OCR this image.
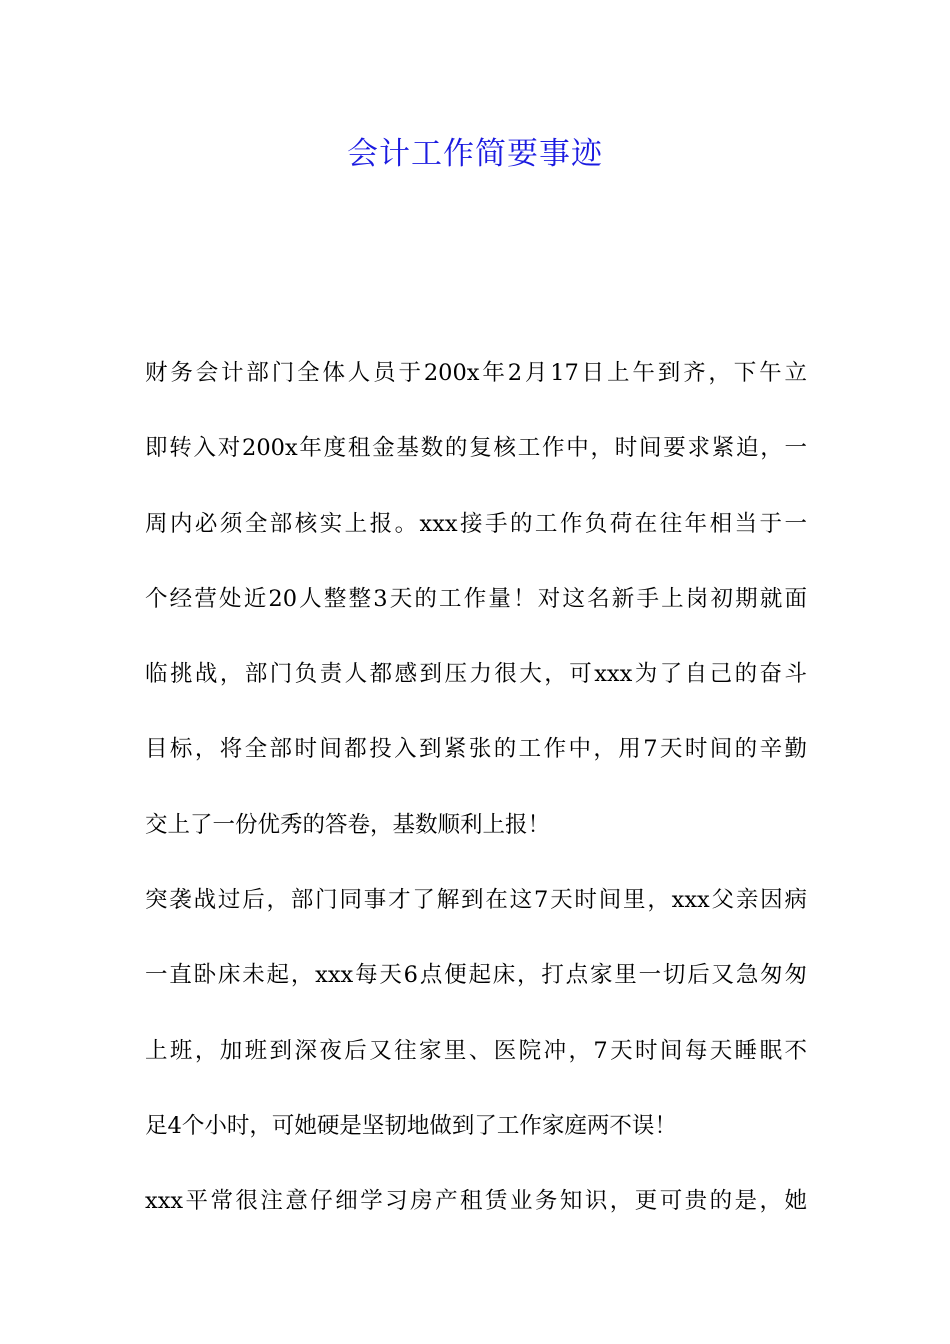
会计工作简要事迹

财务会计部门全体人员于200x年2月17日上午到齐，下午立
即转入对200x年度租金基数的复核工作中，时间要求紧迫，一
周内必须全部核实上报。xxx接手的工作负荷在往年相当于一
个经营处近20人整整3天的工作量！对这名新手上岗初期就面
临挑战，部门负责人都感到压力很大，可xxx为了自己的奋斗
目标，将全部时间都投入到紧张的工作中，用7天时间的辛勤
交上了一份优秀的答卷，基数顺利上报！

突袭战过后，部门同事才了解到在这7天时间里，xxx父亲因病
一直卧床未起，xxx每天6点便起床，打点家里一切后又急匆匆
上班，加班到深夜后又往家里、医院冲，7天时间每天睡眠不
足4个小时，可她硬是坚韧地做到了工作家庭两不误！

xxx平常很注意仔细学习房产租赁业务知识，更可贵的是，她
